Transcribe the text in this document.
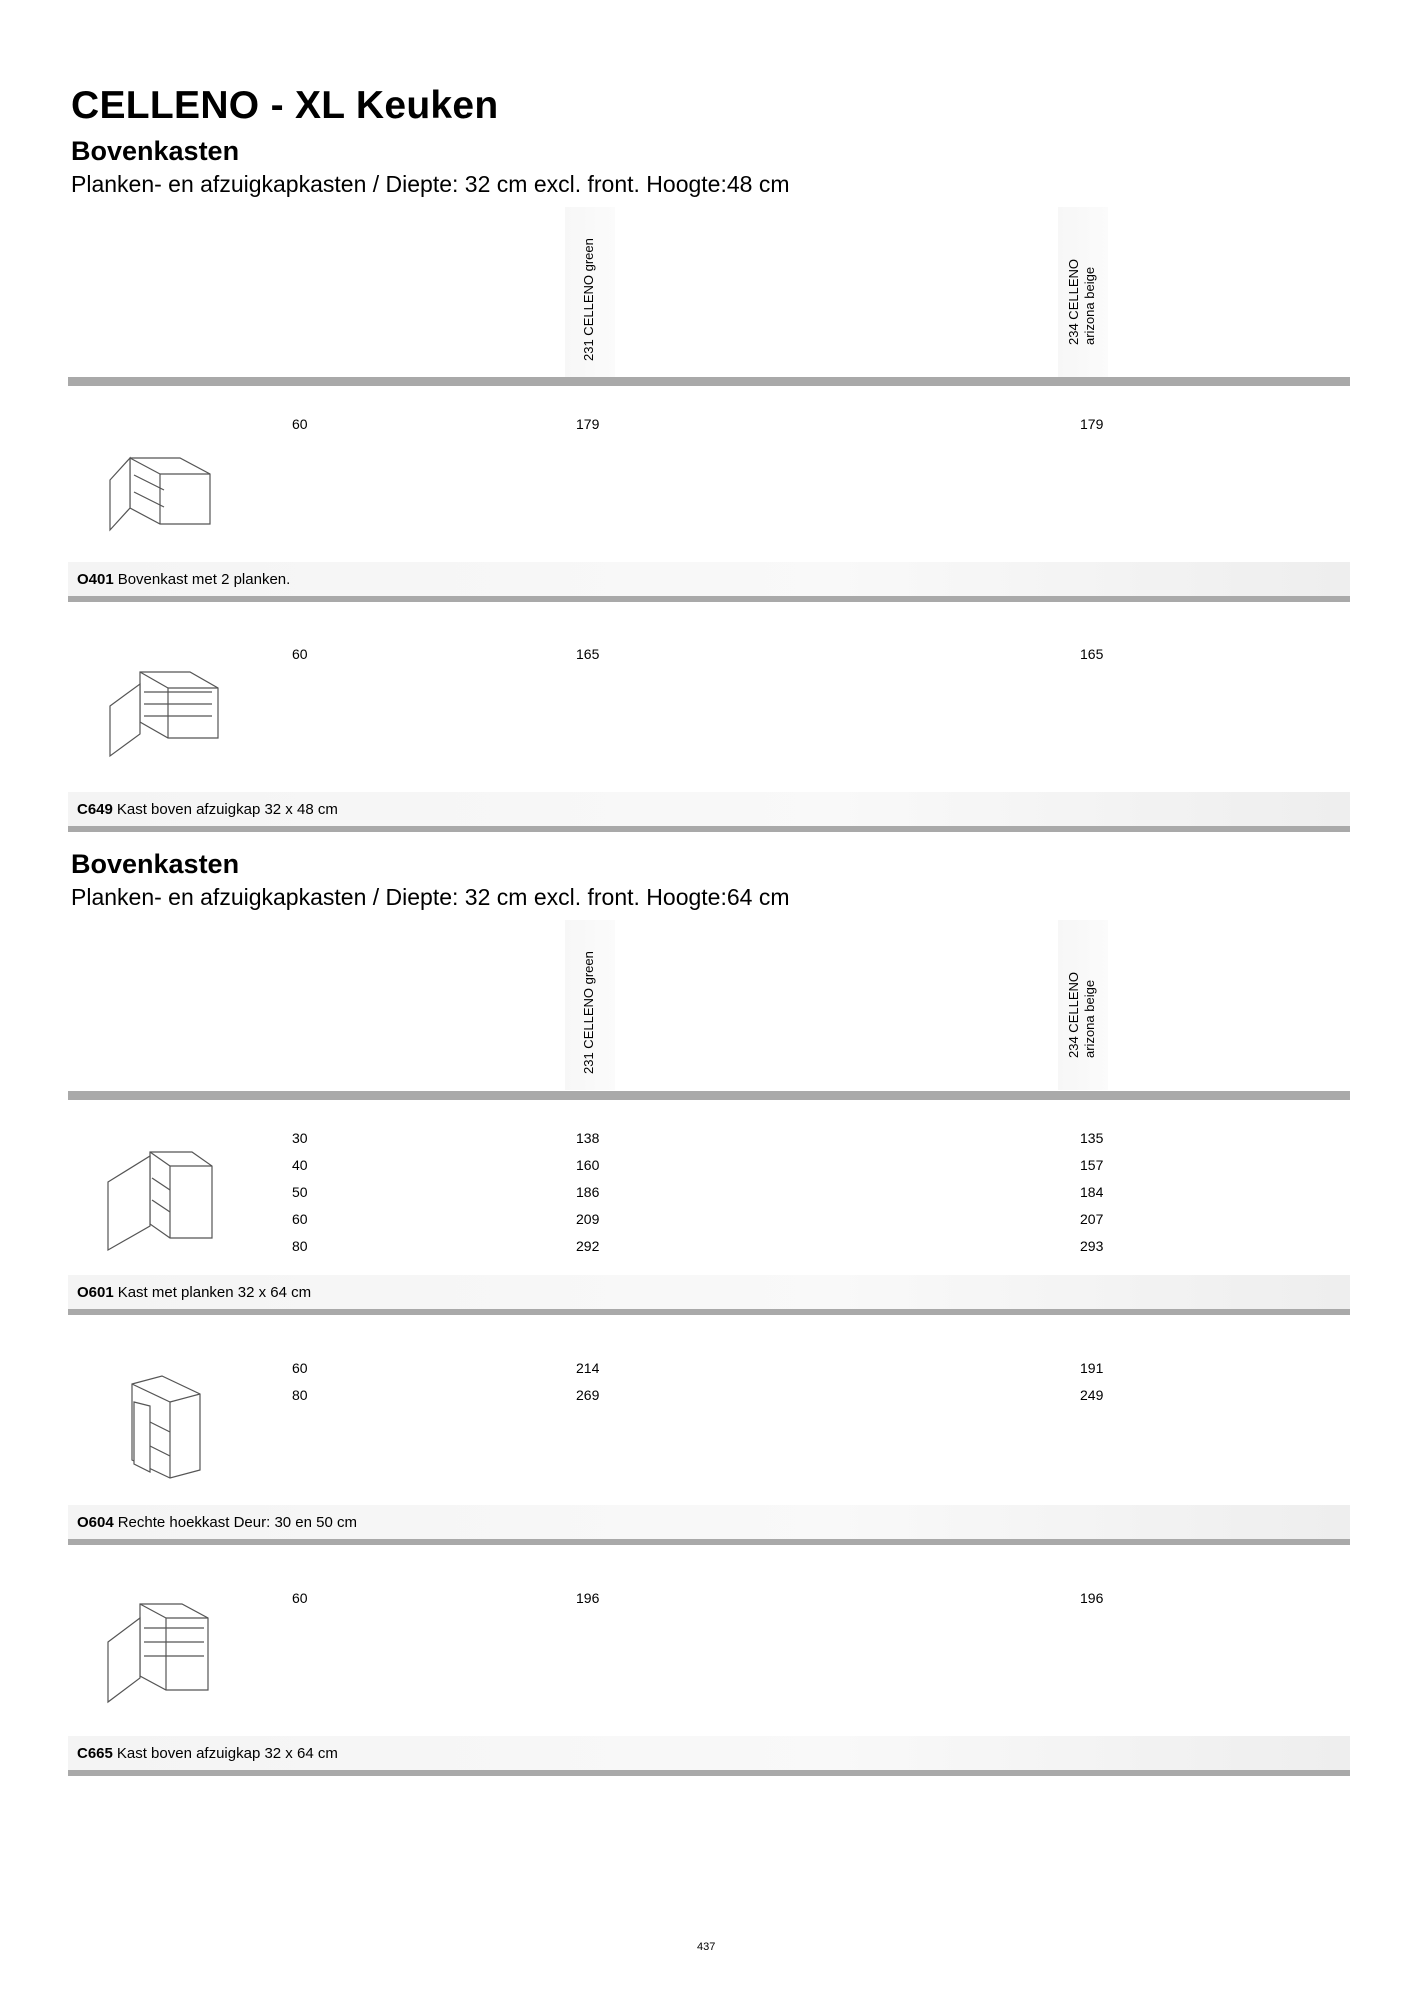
CELLENO - XL Keuken
Bovenkasten
Planken- en afzuigkapkasten / Diepte: 32 cm excl. front. Hoogte:48 cm
231 CELLENO green	234 CELLENO arizona beige
60	179	179
O401 Bovenkast met 2 planken.
60	165	165
C649 Kast boven afzuigkap 32 x 48 cm
Bovenkasten
Planken- en afzuigkapkasten / Diepte: 32 cm excl. front. Hoogte:64 cm
231 CELLENO green	234 CELLENO arizona beige
30	138	135
40	160	157
50	186	184
60	209	207
80	292	293
O601 Kast met planken 32 x 64 cm
60	214	191
80	269	249
O604 Rechte hoekkast Deur: 30 en 50 cm
60	196	196
C665 Kast boven afzuigkap 32 x 64 cm
437
